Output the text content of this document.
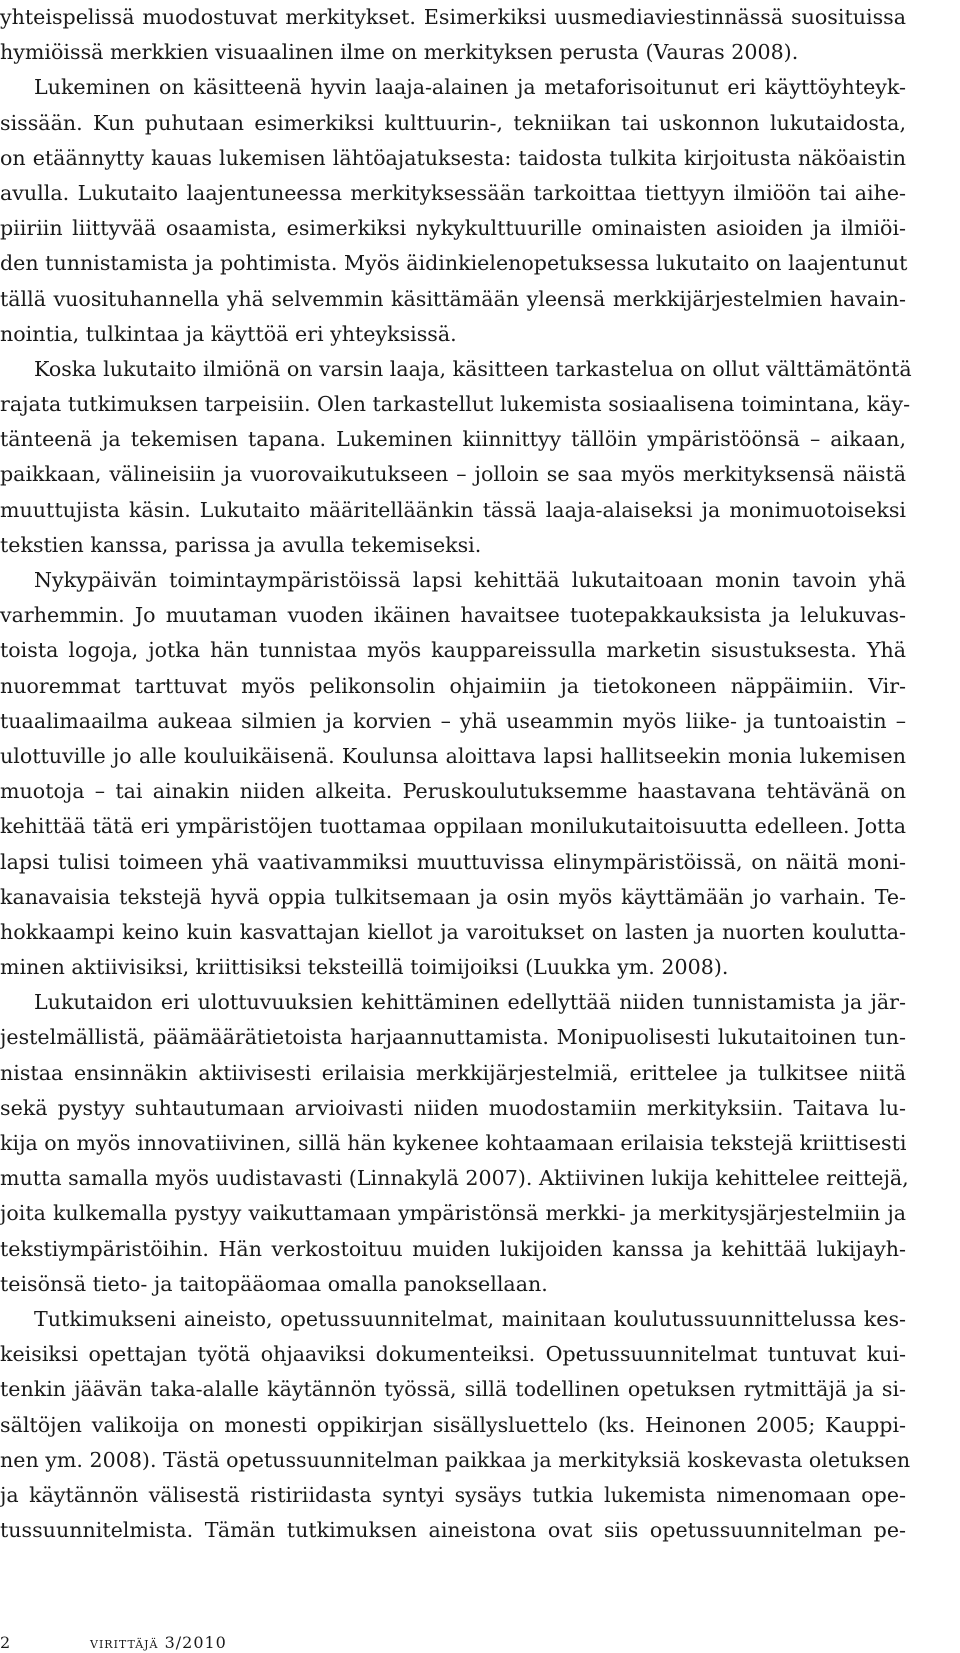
yhteispelissä muodostuvat merkitykset. Esimerkiksi uusmediaviestinnässä suosituissa
hymiöissä merkkien visuaalinen ilme on merkityksen perusta (Vauras 2008).
Lukeminen on käsitteenä hyvin laaja-alainen ja metaforisoitunut eri käyttöyhteyk-
sissään. Kun puhutaan esimerkiksi kulttuurin-, tekniikan tai uskonnon lukutaidosta,
on etäännytty kauas lukemisen lähtöajatuksesta: taidosta tulkita kirjoitusta näköaistin
avulla. Lukutaito laajentuneessa merkityksessään tarkoittaa tiettyyn ilmiöön tai aihe-
piiriin liittyvää osaamista, esimerkiksi nykykulttuurille ominaisten asioiden ja ilmiöi-
den tunnistamista ja pohtimista. Myös äidinkielenopetuksessa lukutaito on laajentunut
tällä vuosituhannella yhä selvemmin käsittämään yleensä merkkijärjestelmien havain-
nointia, tulkintaa ja käyttöä eri yhteyksissä.
Koska lukutaito ilmiönä on varsin laaja, käsitteen tarkastelua on ollut välttämätöntä
rajata tutkimuksen tarpeisiin. Olen tarkastellut lukemista sosiaalisena toimintana, käy-
tänteenä ja tekemisen tapana. Lukeminen kiinnittyy tällöin ympäristöönsä – aikaan,
paikkaan, välineisiin ja vuorovaikutukseen – jolloin se saa myös merkityksensä näistä
muuttujista käsin. Lukutaito määritelläänkin tässä laaja-alaiseksi ja monimuotoiseksi
tekstien kanssa, parissa ja avulla tekemiseksi.
Nykypäivän toimintaympäristöissä lapsi kehittää lukutaitoaan monin tavoin yhä
varhemmin. Jo muutaman vuoden ikäinen havaitsee tuotepakkauksista ja lelukuvas-
toista logoja, jotka hän tunnistaa myös kauppareissulla marketin sisustuksesta. Yhä
nuoremmat tarttuvat myös pelikonsolin ohjaimiin ja tietokoneen näppäimiin. Vir-
tuaalimaailma aukeaa silmien ja korvien – yhä useammin myös liike- ja tuntoaistin –
ulottuville jo alle kouluikäisenä. Koulunsa aloittava lapsi hallitseekin monia lukemisen
muotoja – tai ainakin niiden alkeita. Peruskoulutuksemme haastavana tehtävänä on
kehittää tätä eri ympäristöjen tuottamaa oppilaan monilukutaitoisuutta edelleen. Jotta
lapsi tulisi toimeen yhä vaativammiksi muuttuvissa elinympäristöissä, on näitä moni-
kanavaisia tekstejä hyvä oppia tulkitsemaan ja osin myös käyttämään jo varhain. Te-
hokkaampi keino kuin kasvattajan kiellot ja varoitukset on lasten ja nuorten koulutta-
minen aktiivisiksi, kriittisiksi teksteillä toimijoiksi (Luukka ym. 2008).
Lukutaidon eri ulottuvuuksien kehittäminen edellyttää niiden tunnistamista ja jär-
jestelmällistä, päämäärätietoista harjaannuttamista. Monipuolisesti lukutaitoinen tun-
nistaa ensinnäkin aktiivisesti erilaisia merkkijärjestelmiä, erittelee ja tulkitsee niitä
sekä pystyy suhtautumaan arvioivasti niiden muodostamiin merkityksiin. Taitava lu-
kija on myös innovatiivinen, sillä hän kykenee kohtaamaan erilaisia tekstejä kriittisesti
mutta samalla myös uudistavasti (Linnakylä 2007). Aktiivinen lukija kehittelee reittejä,
joita kulkemalla pystyy vaikuttamaan ympäristönsä merkki- ja merkitysjärjestelmiin ja
tekstiympäristöihin. Hän verkostoituu muiden lukijoiden kanssa ja kehittää lukijayh-
teisönsä tieto- ja taitopääomaa omalla panoksellaan.
Tutkimukseni aineisto, opetussuunnitelmat, mainitaan koulutussuunnittelussa kes-
keisiksi opettajan työtä ohjaaviksi dokumenteiksi. Opetussuunnitelmat tuntuvat kui-
tenkin jäävän taka-alalle käytännön työssä, sillä todellinen opetuksen rytmittäjä ja si-
sältöjen valikoija on monesti oppikirjan sisällysluettelo (ks. Heinonen 2005; Kauppi-
nen ym. 2008). Tästä opetussuunnitelman paikkaa ja merkityksiä koskevasta oletuksen
ja käytännön välisestä ristiriidasta syntyi sysäys tutkia lukemista nimenomaan ope-
tussuunnitelmista. Tämän tutkimuksen aineistona ovat siis opetussuunnitelman pe-
2	virittäjä 3/2010
